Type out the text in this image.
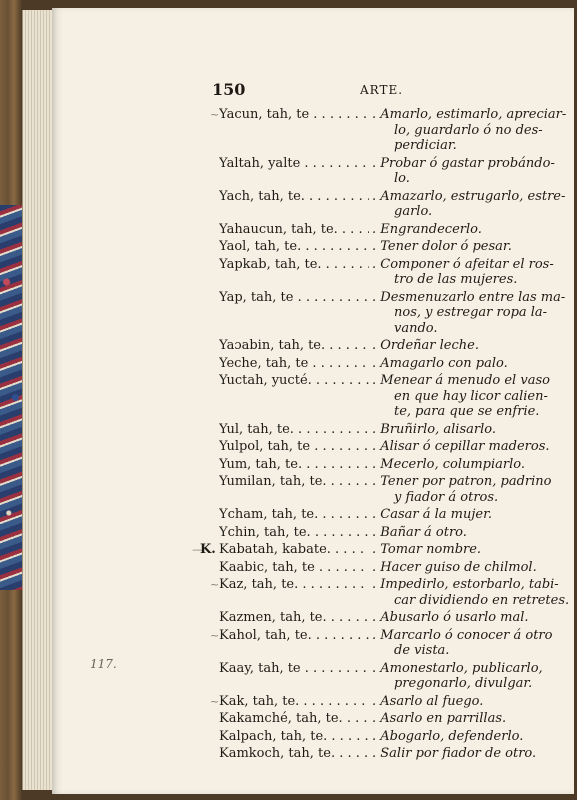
150	ARTE.
~ Yacun, tah, te . . .	. Amarlo, estimarlo, apreciar-
lo, guardarlo ó no des-
perdiciar.
Yaltah, yalte . . .	. Probar ó gastar probándo-
lo.
Yach, tah, te. . . .	. Amazarlo, estrugarlo, estre-
garlo.
Yahaucun, tah, te. . . .	. Engrandecerlo.
Yaol, tah, te. . . .	. Tener dolor ó pesar.
Yapkab, tah, te. . . .	. Componer ó afeitar el ros-
tro de las mujeres.
Yap, tah, te . . .	. Desmenuzarlo entre las ma-
nos, y estregar ropa la-
vando.
Yaɔabin, tah, te. . . .	. Ordeñar leche.
Yeche, tah, te . . .	. Amagarlo con palo.
Yuctah, yucté. . . .	. Menear á menudo el vaso
en que hay licor calien-
te, para que se enfrie.
Yul, tah, te. . . .	. Bruñirlo, alisarlo.
Yulpol, tah, te . . .	. Alisar ó cepillar maderos.
Yum, tah, te. . . .	. Mecerlo, columpiarlo.
Yumilan, tah, te. . . .	. Tener por patron, padrino
y fiador á otros.
Ycham, tah, te. . . .	. Casar á la mujer.
Ychin, tah, te. . . .	. Bañar á otro.
—
K. Kabatah, kabate. . . .	. Tomar nombre.
Kaabic, tah, te . . .	. Hacer guiso de chilmol.
~ Kaz, tah, te. . . .	. Impedirlo, estorbarlo, tabi-
car dividiendo en retretes.
Kazmen, tah, te. . . .	. Abusarlo ó usarlo mal.
~ Kahol, tah, te. . . .	. Marcarlo ó conocer á otro
de vista.
Kaay, tah, te . . .	. Amonestarlo, publicarlo,
pregonarlo, divulgar.
~ Kak, tah, te. . . .	. Asarlo al fuego.
Kakamché, tah, te. . . .	. Asarlo en parrillas.
Kalpach, tah, te. . . .	. Abogarlo, defenderlo.
Kamkoch, tah, te. . . .	. Salir por fiador de otro.
117.
